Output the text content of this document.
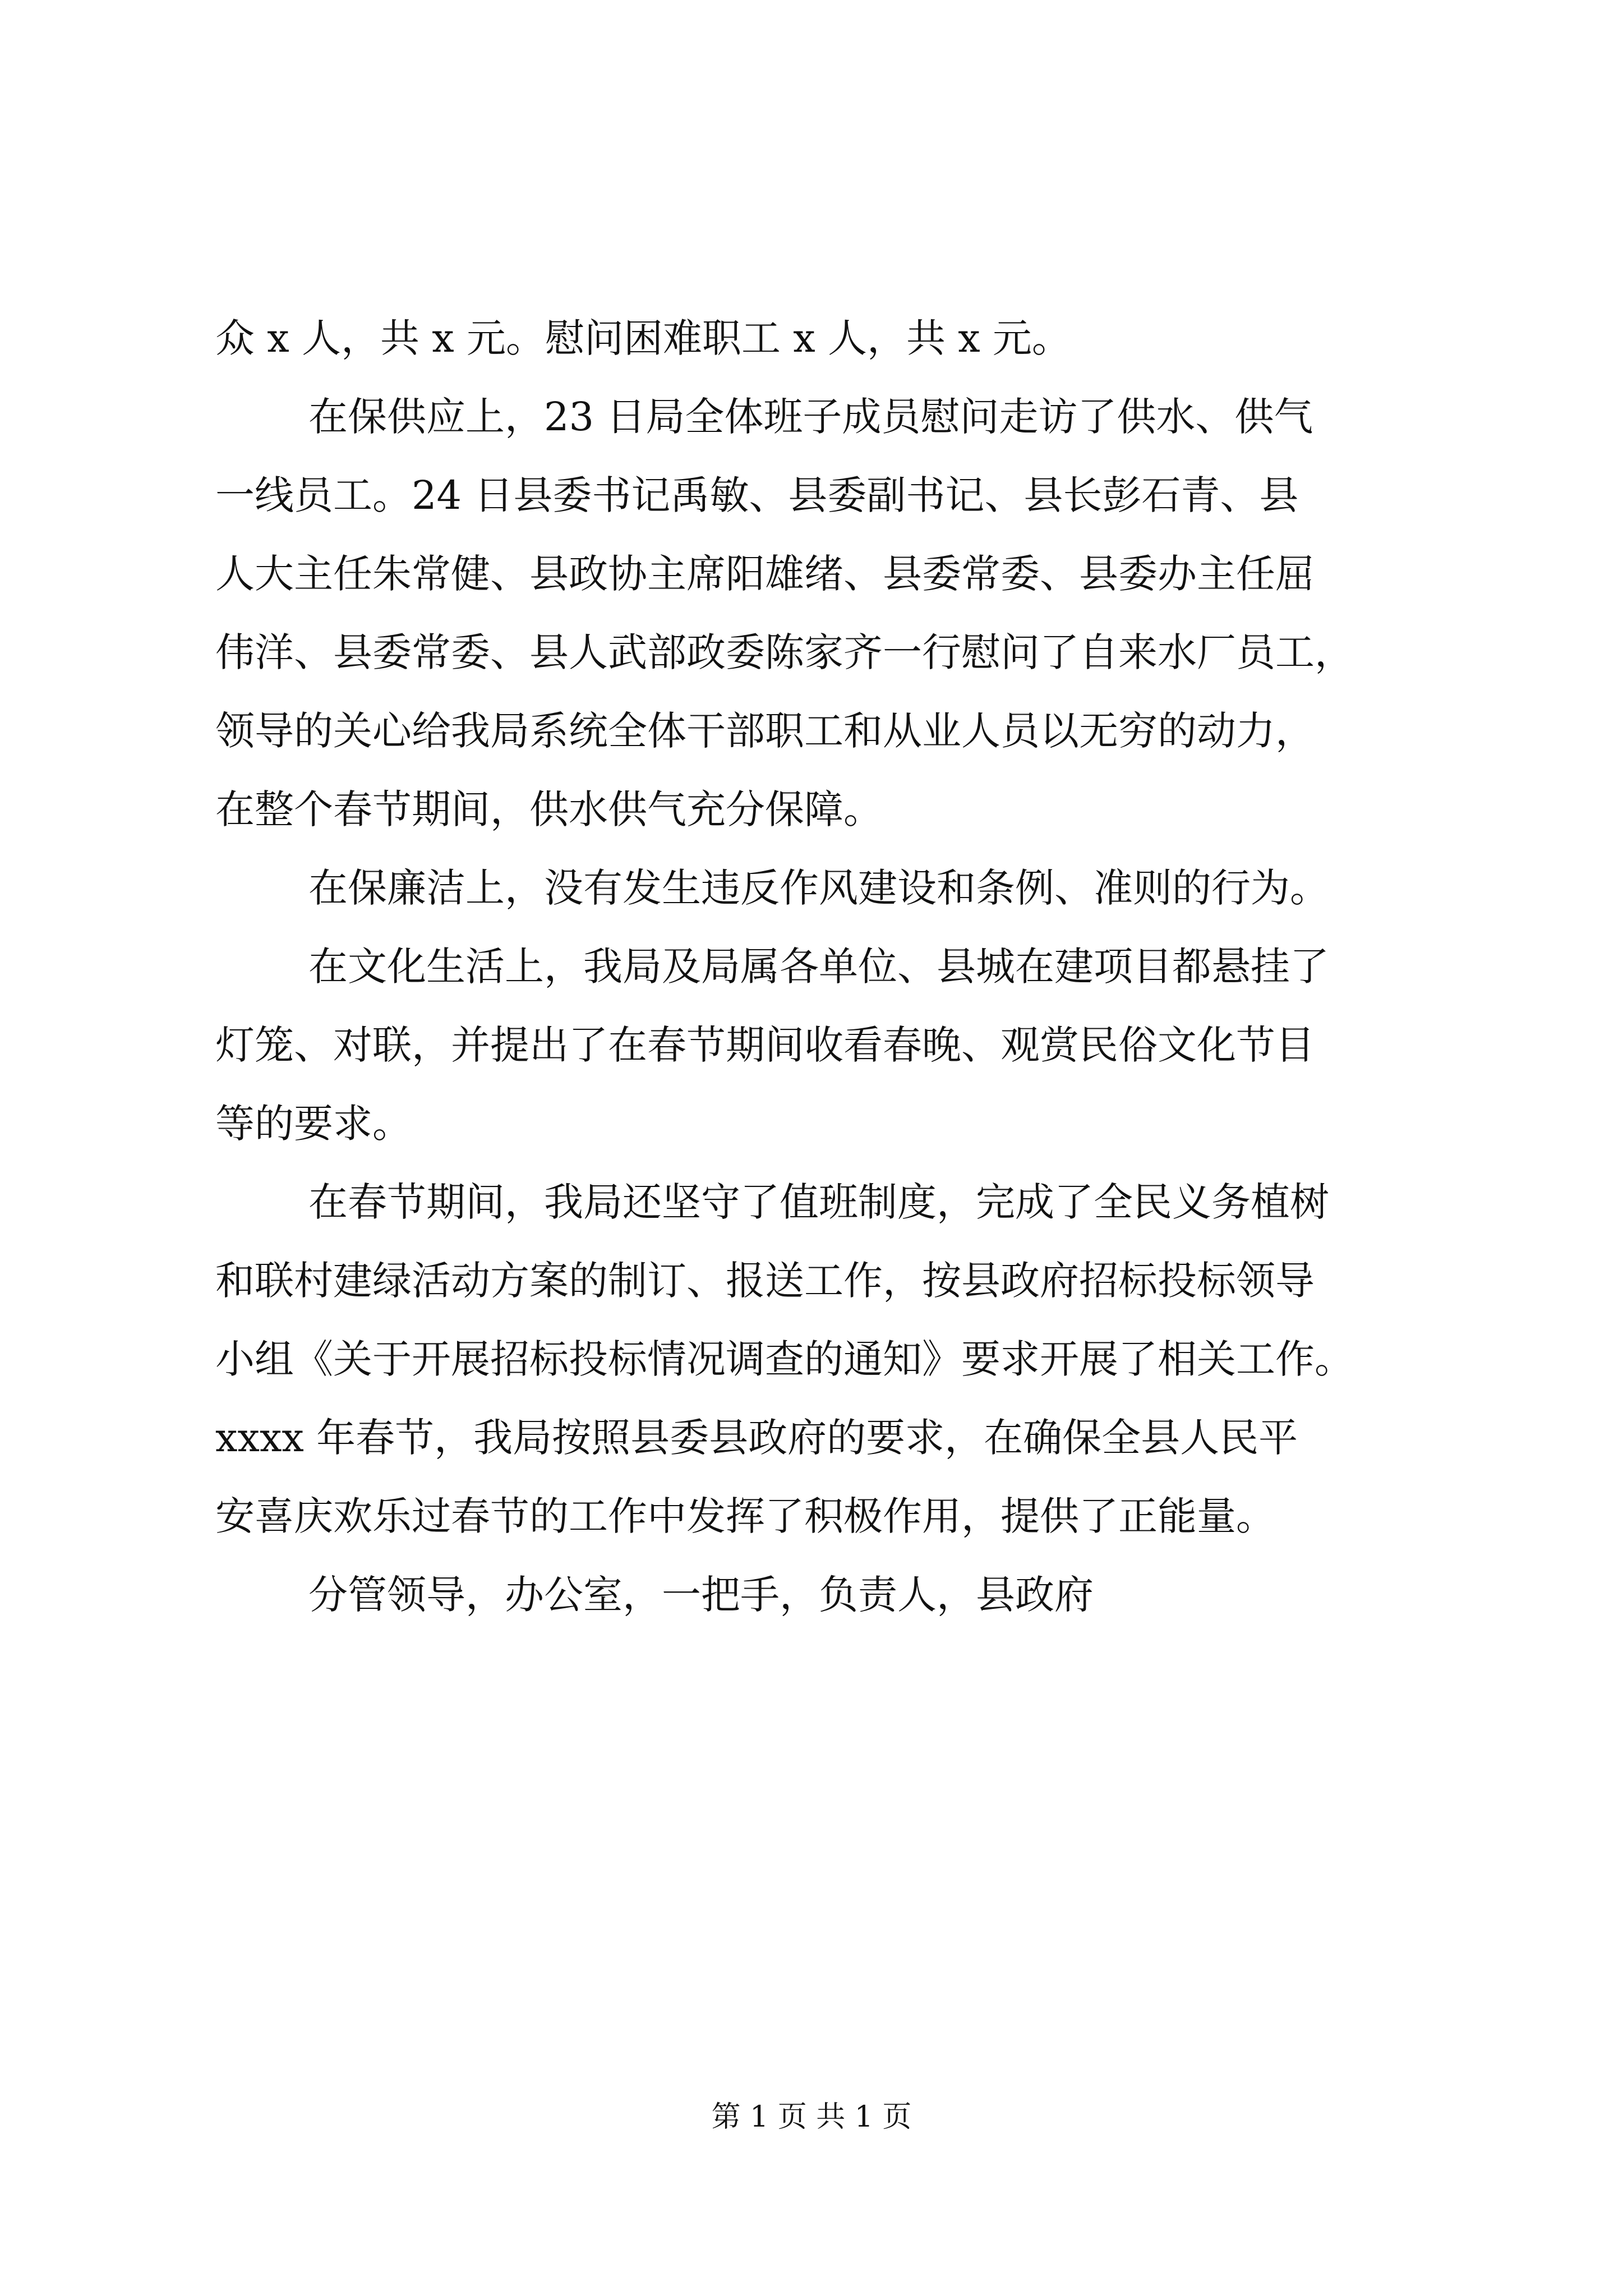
众 x 人，共 x 元。慰问困难职工 x 人，共 x 元。
在保供应上，23 日局全体班子成员慰问走访了供水、供气
一线员工。24 日县委书记禹敏、县委副书记、县长彭石青、县
人大主任朱常健、县政协主席阳雄绪、县委常委、县委办主任屈
伟洋、县委常委、县人武部政委陈家齐一行慰问了自来水厂员工，
领导的关心给我局系统全体干部职工和从业人员以无穷的动力，
在整个春节期间，供水供气充分保障。
在保廉洁上，没有发生违反作风建设和条例、准则的行为。
在文化生活上，我局及局属各单位、县城在建项目都悬挂了
灯笼、对联，并提出了在春节期间收看春晚、观赏民俗文化节目
等的要求。
在春节期间，我局还坚守了值班制度，完成了全民义务植树
和联村建绿活动方案的制订、报送工作，按县政府招标投标领导
小组《关于开展招标投标情况调查的通知》要求开展了相关工作。
xxxx 年春节，我局按照县委县政府的要求，在确保全县人民平
安喜庆欢乐过春节的工作中发挥了积极作用，提供了正能量。
分管领导，办公室，一把手，负责人，县政府
第 1 页 共 1 页
